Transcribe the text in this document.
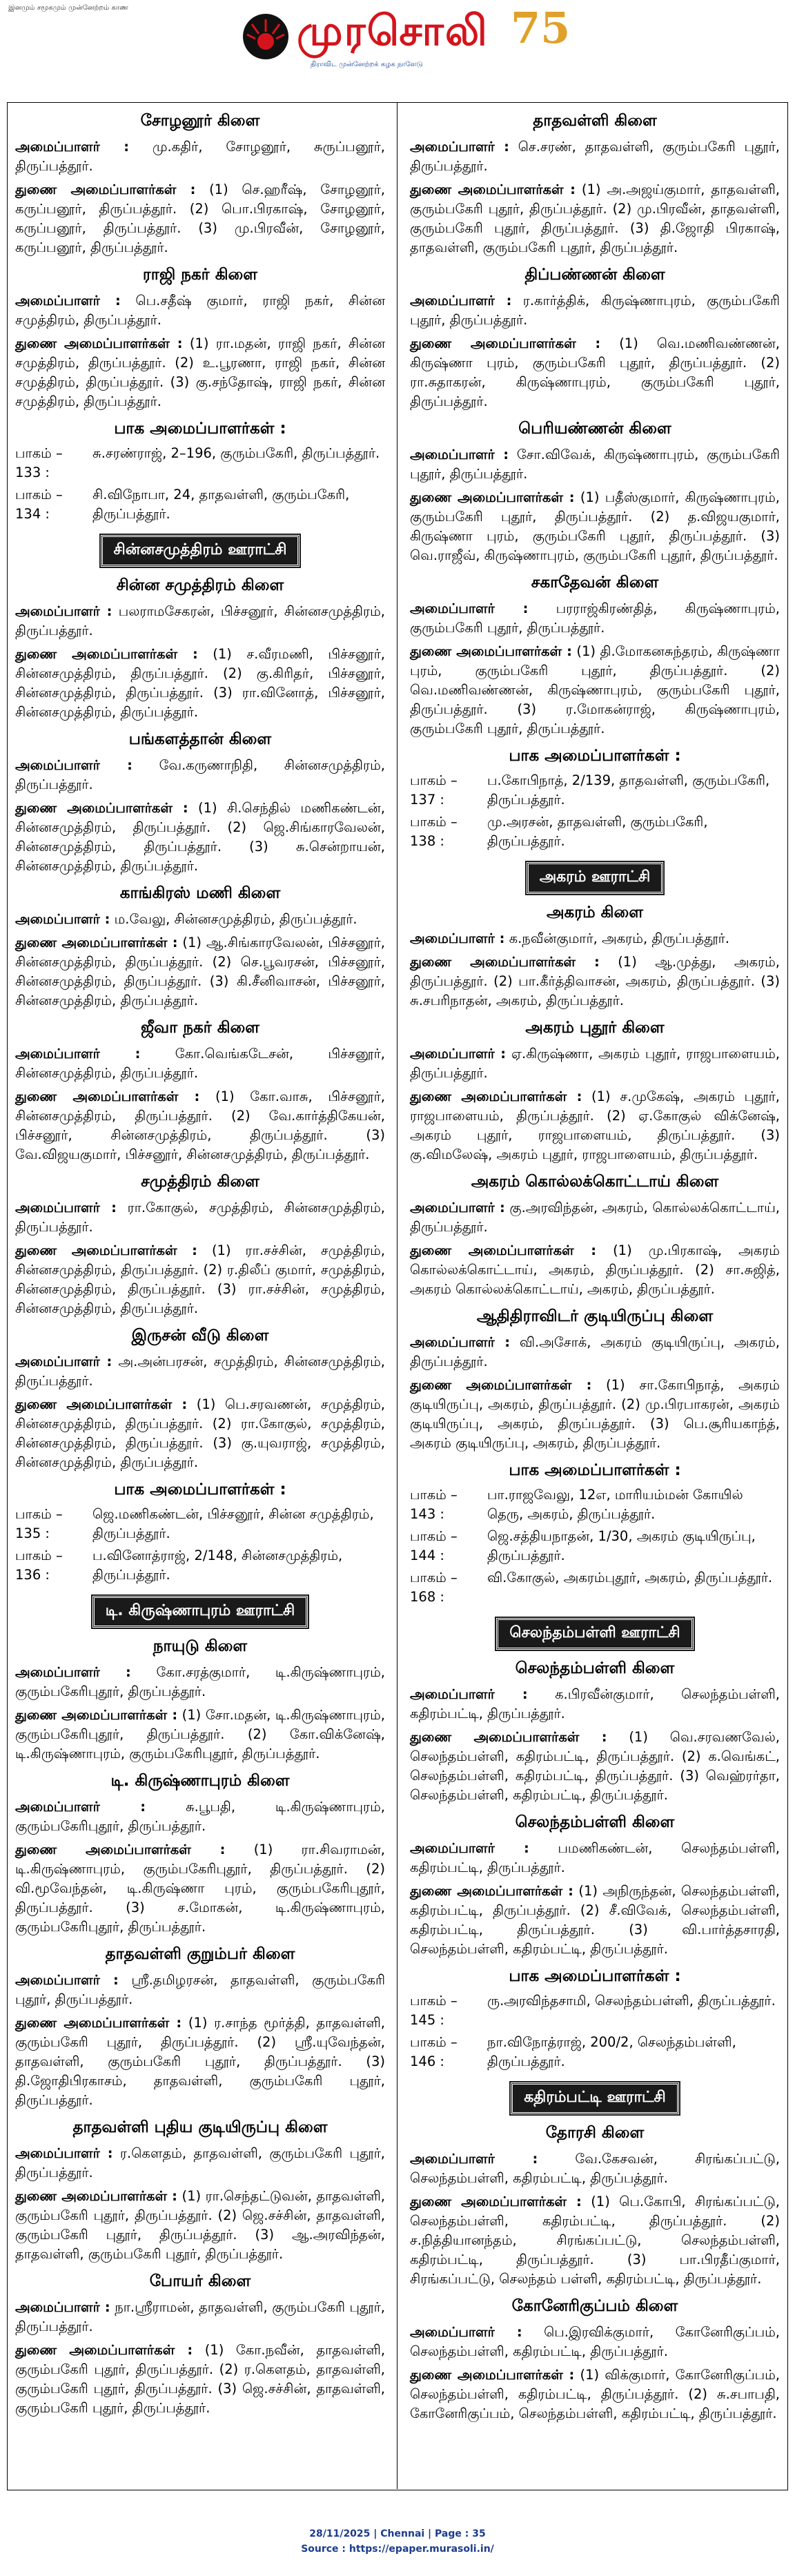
இனமும் சமூகமும் முன்னேற்றம் காண	முரசொலி
திராவிட முன்னேற்றக் கழக நாளேடு
75
சோழனூர் கிளை

அமைப்பாளர் : மு.கதிர், சோழனூர், சுருப்பனூர், திருப்பத்தூர்.

துணை அமைப்பாளர்கள் : (1) செ.ஹரீஷ், சோழனூர், கருப்பனூர், திருப்பத்தூர். (2) பொ.பிரகாஷ், சோழனூர், கருப்பனூர், திருப்பத்தூர். (3) மு.பிரவீன், சோழனூர், கருப்பனூர், திருப்பத்தூர்.

ராஜி நகர் கிளை

அமைப்பாளர் : பெ.சதீஷ் குமார், ராஜி நகர், சின்ன சமுத்திரம், திருப்பத்தூர்.

துணை அமைப்பாளர்கள் : (1) ரா.மதன், ராஜி நகர், சின்ன சமுத்திரம், திருப்பத்தூர். (2) உ.பூரணா, ராஜி நகர், சின்ன சமுத்திரம், திருப்பத்தூர். (3) கு.சந்தோஷ், ராஜி நகர், சின்ன சமுத்திரம், திருப்பத்தூர்.

பாக அமைப்பாளர்கள் :
பாகம் – 133 :
சு.சரண்ராஜ், 2–196, குரும்பகேரி, திருப்பத்தூர்.
பாகம் – 134 :
சி.விநோபா, 24, தாதவள்ளி, குரும்பகேரி, திருப்பத்தூர்.
சின்னசமுத்திரம் ஊராட்சி
சின்ன சமுத்திரம் கிளை

அமைப்பாளர் : பலராமசேகரன், பிச்சனூர், சின்னசமுத்திரம், திருப்பத்தூர்.

துணை அமைப்பாளர்கள் : (1) ச.வீரமணி, பிச்சனூர், சின்னசமுத்திரம், திருப்பத்தூர். (2) கு.கிரிதர், பிச்சனூர், சின்னசமுத்திரம், திருப்பத்தூர். (3) ரா.வினோத், பிச்சனூர், சின்னசமுத்திரம், திருப்பத்தூர்.

பங்களத்தான் கிளை

அமைப்பாளர் : வே.கருணாநிதி, சின்னசமுத்திரம், திருப்பத்தூர்.

துணை அமைப்பாளர்கள் : (1) சி.செந்தில் மணிகண்டன், சின்னசமுத்திரம், திருப்பத்தூர். (2) ஜெ.சிங்காரவேலன், சின்னசமுத்திரம், திருப்பத்தூர். (3) சு.சென்றாயன், சின்னசமுத்திரம், திருப்பத்தூர்.

காங்கிரஸ் மணி கிளை

அமைப்பாளர் : ம.வேலு, சின்னசமுத்திரம், திருப்பத்தூர்.

துணை அமைப்பாளர்கள் : (1) ஆ.சிங்காரவேலன், பிச்சனூர், சின்னசமுத்திரம், திருப்பத்தூர். (2) செ.பூவரசன், பிச்சனூர், சின்னசமுத்திரம், திருப்பத்தூர். (3) கி.சீனிவாசன், பிச்சனூர், சின்னசமுத்திரம், திருப்பத்தூர்.

ஜீவா நகர் கிளை

அமைப்பாளர் :	கோ.வெங்கடேசன், பிச்சனூர், சின்னசமுத்திரம், திருப்பத்தூர்.

துணை அமைப்பாளர்கள் : (1) கோ.வாசு, பிச்சனூர், சின்னசமுத்திரம், திருப்பத்தூர். (2) வே.கார்த்திகேயன், பிச்சனூர், சின்னசமுத்திரம், திருப்பத்தூர். (3) வே.விஜயகுமார், பிச்சனூர், சின்னசமுத்திரம், திருப்பத்தூர்.

சமுத்திரம் கிளை

அமைப்பாளர் : ரா.கோகுல், சமுத்திரம், சின்னசமுத்திரம், திருப்பத்தூர்.

துணை அமைப்பாளர்கள் : (1) ரா.சச்சின், சமுத்திரம், சின்னசமுத்திரம், திருப்பத்தூர். (2) ர.திலீப் குமார், சமுத்திரம், சின்னசமுத்திரம், திருப்பத்தூர். (3) ரா.சச்சின், சமுத்திரம், சின்னசமுத்திரம், திருப்பத்தூர்.

இருசன் வீடு கிளை

அமைப்பாளர் : அ.அன்பரசன், சமுத்திரம், சின்னசமுத்திரம், திருப்பத்தூர்.

துணை அமைப்பாளர்கள் : (1) பெ.சரவணன், சமுத்திரம், சின்னசமுத்திரம், திருப்பத்தூர். (2) ரா.கோகுல், சமுத்திரம், சின்னசமுத்திரம், திருப்பத்தூர். (3) கு.யுவராஜ், சமுத்திரம், சின்னசமுத்திரம், திருப்பத்தூர்.

பாக அமைப்பாளர்கள் :
பாகம் – 135 :
ஜெ.மணிகண்டன், பிச்சனூர், சின்ன சமுத்திரம், திருப்பத்தூர்.
பாகம் – 136 :
ப.வினோத்ராஜ், 2/148, சின்னசமுத்திரம், திருப்பத்தூர்.
டி. கிருஷ்ணாபுரம் ஊராட்சி
நாயுடு கிளை

அமைப்பாளர் : கோ.சரத்குமார், டி.கிருஷ்ணாபுரம், குரும்பகேரிபுதூர், திருப்பத்தூர்.

துணை அமைப்பாளர்கள் : (1) சோ.மதன், டி.கிருஷ்ணாபுரம், குரும்பகேரிபுதூர், திருப்பத்தூர். (2) கோ.விக்னேஷ், டி.கிருஷ்ணாபுரம், குரும்பகேரிபுதூர், திருப்பத்தூர்.

டி. கிருஷ்ணாபுரம் கிளை

அமைப்பாளர் :	சு.பூபதி, டி.கிருஷ்ணாபுரம், குரும்பகேரிபுதூர், திருப்பத்தூர்.

துணை அமைப்பாளர்கள் : (1) ரா.சிவராமன், டி.கிருஷ்ணாபுரம், குரும்பகேரிபுதூர், திருப்பத்தூர். (2) வி.மூவேந்தன், டி.கிருஷ்ணா புரம், குரும்பகேரிபுதூர், திருப்பத்தூர். (3) ச.மோகன், டி.கிருஷ்ணாபுரம், குரும்பகேரிபுதூர், திருப்பத்தூர்.

தாதவள்ளி குறும்பர் கிளை

அமைப்பாளர் : ஸ்ரீ.தமிழரசன், தாதவள்ளி, குரும்பகேரி புதூர், திருப்பத்தூர்.

துணை அமைப்பாளர்கள் : (1) ர.சாந்த மூர்த்தி, தாதவள்ளி, குரும்பகேரி புதூர், திருப்பத்தூர். (2) ஸ்ரீ.யுவேந்தன், தாதவள்ளி, குரும்பகேரி புதூர், திருப்பத்தூர். (3) தி.ஜோதிபிரகாசம், தாதவள்ளி, குரும்பகேரி புதூர், திருப்பத்தூர்.

தாதவள்ளி புதிய குடியிருப்பு கிளை

அமைப்பாளர் : ர.கௌதம், தாதவள்ளி, குரும்பகேரி புதூர், திருப்பத்தூர்.

துணை அமைப்பாளர்கள் : (1) ரா.செந்தட்டுவன், தாதவள்ளி, குரும்பகேரி புதூர், திருப்பத்தூர். (2) ஜெ.சச்சின், தாதவள்ளி, குரும்பகேரி புதூர், திருப்பத்தூர். (3) ஆ.அரவிந்தன், தாதவள்ளி, குரும்பகேரி புதூர், திருப்பத்தூர்.

போயர் கிளை

அமைப்பாளர் : நா.ஸ்ரீராமன், தாதவள்ளி, குரும்பகேரி புதூர், திருப்பத்தூர்.

துணை அமைப்பாளர்கள் : (1) கோ.நவீன், தாதவள்ளி, குரும்பகேரி புதூர், திருப்பத்தூர். (2) ர.கௌதம், தாதவள்ளி, குரும்பகேரி புதூர், திருப்பத்தூர். (3) ஜெ.சச்சின், தாதவள்ளி, குரும்பகேரி புதூர், திருப்பத்தூர்.

தாதவள்ளி கிளை

அமைப்பாளர் : செ.சரண், தாதவள்ளி, குரும்பகேரி புதூர், திருப்பத்தூர்.

துணை அமைப்பாளர்கள் : (1) அ.அஜய்குமார், தாதவள்ளி, குரும்பகேரி புதூர், திருப்பத்தூர். (2) மு.பிரவீன், தாதவள்ளி, குரும்பகேரி புதூர், திருப்பத்தூர். (3) தி.ஜோதி பிரகாஷ், தாதவள்ளி, குரும்பகேரி புதூர், திருப்பத்தூர்.

திப்பண்ணன் கிளை

அமைப்பாளர் : ர.கார்த்திக், கிருஷ்ணாபுரம், குரும்பகேரி புதூர், திருப்பத்தூர்.

துணை அமைப்பாளர்கள் : (1) வெ.மணிவண்ணன், கிருஷ்ணா புரம், குரும்பகேரி புதூர், திருப்பத்தூர். (2) ரா.சுதாகரன், கிருஷ்ணாபுரம், குரும்பகேரி புதூர், திருப்பத்தூர்.

பெரியண்ணன் கிளை

அமைப்பாளர் : சோ.விவேக், கிருஷ்ணாபுரம், குரும்பகேரி புதூர், திருப்பத்தூர்.

துணை அமைப்பாளர்கள் : (1) பதீஸ்குமார், கிருஷ்ணாபுரம், குரும்பகேரி புதூர், திருப்பத்தூர். (2) த.விஜயகுமார், கிருஷ்ணா புரம், குரும்பகேரி புதூர், திருப்பத்தூர். (3) வெ.ராஜீவ், கிருஷ்ணாபுரம், குரும்பகேரி புதூர், திருப்பத்தூர்.

சகாதேவன் கிளை

அமைப்பாளர் : பரராஜ்கிரண்தித், கிருஷ்ணாபுரம், குரும்பகேரி புதூர், திருப்பத்தூர்.

துணை அமைப்பாளர்கள் : (1) தி.மோகனசுந்தரம், கிருஷ்ணா புரம், குரும்பகேரி புதூர், திருப்பத்தூர். (2) வெ.மணிவண்ணன், கிருஷ்ணாபுரம், குரும்பகேரி புதூர், திருப்பத்தூர். (3) ர.மோகன்ராஜ், கிருஷ்ணாபுரம், குரும்பகேரி புதூர், திருப்பத்தூர்.

பாக அமைப்பாளர்கள் :
பாகம் – 137 :
ப.கோபிநாத், 2/139, தாதவள்ளி, குரும்பகேரி, திருப்பத்தூர்.
பாகம் – 138 :
மு.அரசன், தாதவள்ளி, குரும்பகேரி, திருப்பத்தூர்.
அகரம் ஊராட்சி
அகரம் கிளை

அமைப்பாளர் : க.நவீன்குமார், அகரம், திருப்பத்தூர்.

துணை அமைப்பாளர்கள் : (1) ஆ.முத்து, அகரம், திருப்பத்தூர். (2) பா.கீர்த்திவாசன், அகரம், திருப்பத்தூர். (3) சு.சபரிநாதன், அகரம், திருப்பத்தூர்.

அகரம் புதூர் கிளை

அமைப்பாளர் : ஏ.கிருஷ்ணா, அகரம் புதூர், ராஜபாளையம், திருப்பத்தூர்.

துணை அமைப்பாளர்கள் : (1) ச.முகேஷ், அகரம் புதூர், ராஜபாளையம், திருப்பத்தூர். (2) ஏ.கோகுல் விக்னேஷ், அகரம் புதூர், ராஜபாளையம், திருப்பத்தூர். (3) கு.விமலேஷ், அகரம் புதூர், ராஜபாளையம், திருப்பத்தூர்.

அகரம் கொல்லக்கொட்டாய் கிளை

அமைப்பாளர் : கு.அரவிந்தன், அகரம், கொல்லக்கொட்டாய், திருப்பத்தூர்.

துணை அமைப்பாளர்கள் : (1) மு.பிரகாஷ், அகரம் கொல்லக்கொட்டாய், அகரம், திருப்பத்தூர். (2) சா.சுஜித், அகரம் கொல்லக்கொட்டாய், அகரம், திருப்பத்தூர்.

ஆதிதிராவிடர் குடியிருப்பு கிளை

அமைப்பாளர் : வி.அசோக், அகரம் குடியிருப்பு, அகரம், திருப்பத்தூர்.

துணை அமைப்பாளர்கள் : (1) சா.கோபிநாத், அகரம் குடியிருப்பு, அகரம், திருப்பத்தூர். (2) மு.பிரபாகரன், அகரம் குடியிருப்பு, அகரம், திருப்பத்தூர். (3) பெ.சூரியகாந்த், அகரம் குடியிருப்பு, அகரம், திருப்பத்தூர்.

பாக அமைப்பாளர்கள் :
பாகம் – 143 :
பா.ராஜவேலு, 12எ, மாரியம்மன் கோயில் தெரு, அகரம், திருப்பத்தூர்.
பாகம் – 144 :
ஜெ.சத்தியநாதன், 1/30, அகரம் குடியிருப்பு, திருப்பத்தூர்.
பாகம் – 168 :
வி.கோகுல், அகரம்புதூர், அகரம், திருப்பத்தூர்.
செலந்தம்பள்ளி ஊராட்சி
செலந்தம்பள்ளி கிளை

அமைப்பாளர் : க.பிரவீன்குமார், செலந்தம்பள்ளி, கதிரம்பட்டி, திருப்பத்தூர்.

துணை அமைப்பாளர்கள் : (1) வெ.சரவணவேல், செலந்தம்பள்ளி, கதிரம்பட்டி, திருப்பத்தூர். (2) க.வெங்கட், செலந்தம்பள்ளி, கதிரம்பட்டி, திருப்பத்தூர். (3) வெஹ்ரர்தா, செலந்தம்பள்ளி, கதிரம்பட்டி, திருப்பத்தூர்.

செலந்தம்பள்ளி கிளை

அமைப்பாளர் : பமணிகண்டன், செலந்தம்பள்ளி, கதிரம்பட்டி, திருப்பத்தூர்.

துணை அமைப்பாளர்கள் : (1) அநிருந்தன், செலந்தம்பள்ளி, கதிரம்பட்டி, திருப்பத்தூர். (2) சீ.விவேக், செலந்தம்பள்ளி, கதிரம்பட்டி, திருப்பத்தூர். (3) வி.பார்த்தசாரதி, செலந்தம்பள்ளி, கதிரம்பட்டி, திருப்பத்தூர்.

பாக அமைப்பாளர்கள் :
பாகம் – 145 :
ரு.அரவிந்தசாமி, செலந்தம்பள்ளி, திருப்பத்தூர்.
பாகம் – 146 :
நா.விநோத்ராஜ், 200/2, செலந்தம்பள்ளி, திருப்பத்தூர்.
கதிரம்பட்டி ஊராட்சி
தோரசி கிளை

அமைப்பாளர் :	வே.கேசவன், சிரங்கப்பட்டு, செலந்தம்பள்ளி, கதிரம்பட்டி, திருப்பத்தூர்.

துணை அமைப்பாளர்கள் : (1) பெ.கோபி, சிரங்கப்பட்டு, செலந்தம்பள்ளி, கதிரம்பட்டி, திருப்பத்தூர். (2) ச.நித்தியானந்தம், சிரங்கப்பட்டு, செலந்தம்பள்ளி, கதிரம்பட்டி, திருப்பத்தூர். (3) பா.பிரதீப்குமார், சிரங்கப்பட்டு, செலந்தம் பள்ளி, கதிரம்பட்டி, திருப்பத்தூர்.

கோனேரிகுப்பம் கிளை

அமைப்பாளர் : பெ.இரவிக்குமார், கோனேரிகுப்பம், செலந்தம்பள்ளி, கதிரம்பட்டி, திருப்பத்தூர்.

துணை அமைப்பாளர்கள் : (1) விக்குமார், கோனேரிகுப்பம், செலந்தம்பள்ளி, கதிரம்பட்டி, திருப்பத்தூர். (2) சு.சபாபதி, கோனேரிகுப்பம், செலந்தம்பள்ளி, கதிரம்பட்டி, திருப்பத்தூர்.

28/11/2025 | Chennai | Page : 35
Source : https://epaper.murasoli.in/
